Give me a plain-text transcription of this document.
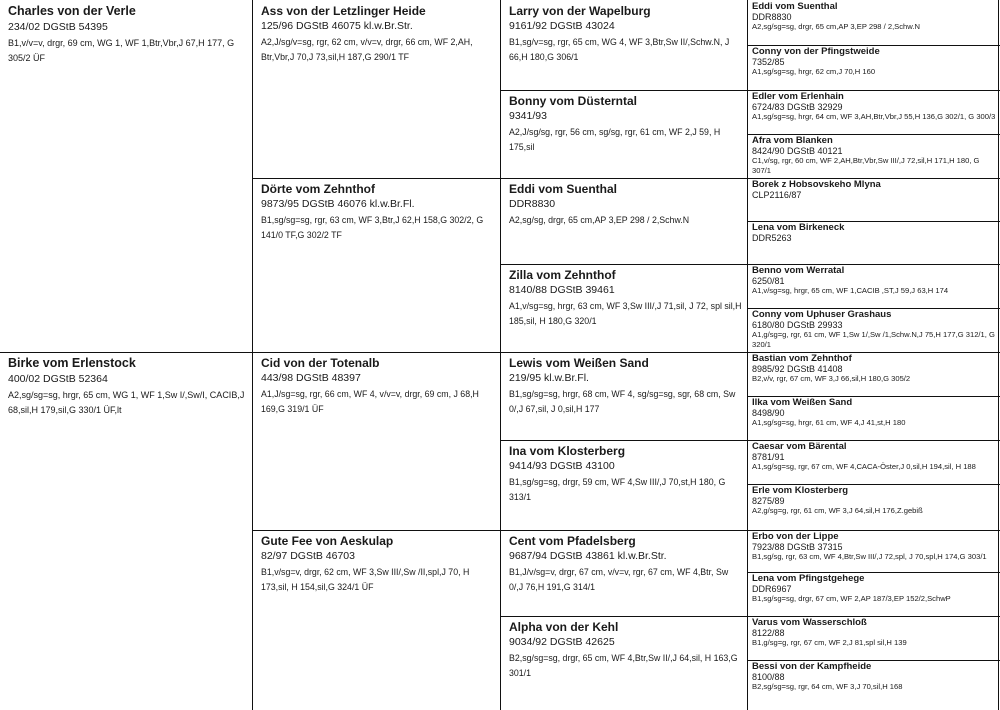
Charles von der Verle
234/02 DGStB 54395
B1,v/v=v, drgr, 69 cm, WG 1, WF 1,Btr,Vbr,J 67,H 177, G 305/2 ÜF
Birke vom Erlenstock
400/02 DGStB 52364
A2,sg/sg=sg, hrgr, 65 cm, WG 1, WF 1,Sw I/,Sw/I, CACIB,J 68,sil,H 179,sil,G 330/1 ÜF,lt
Ass von der Letzlinger Heide
125/96 DGStB 46075 kl.w.Br.Str.
A2,J/sg/v=sg, rgr, 62 cm, v/v=v, drgr, 66 cm, WF 2,AH, Btr,Vbr,J 70,J 73,sil,H 187,G 290/1 TF
Dörte vom Zehnthof
9873/95 DGStB 46076 kl.w.Br.Fl.
B1,sg/sg=sg, rgr, 63 cm, WF 3,Btr,J 62,H 158,G 302/2, G 141/0 TF,G 302/2 TF
Cid von der Totenalb
443/98 DGStB 48397
A1,J/sg=sg, rgr, 66 cm, WF 4, v/v=v, drgr, 69 cm, J 68,H 169,G 319/1 ÜF
Gute Fee von Aeskulap
82/97 DGStB 46703
B1,v/sg=v, drgr, 62 cm, WF 3,Sw III/,Sw /II,spl,J 70, H 173,sil, H 154,sil,G 324/1 ÜF
Larry von der Wapelburg
9161/92 DGStB 43024
B1,sg/v=sg, rgr, 65 cm, WG 4, WF 3,Btr,Sw II/,Schw.N, J 66,H 180,G 306/1
Bonny vom Düsterntal
9341/93
A2,J/sg/sg, rgr, 56 cm, sg/sg, rgr, 61 cm, WF 2,J 59, H 175,sil
Eddi vom Suenthal
DDR8830
A2,sg/sg, drgr, 65 cm,AP 3,EP 298 / 2,Schw.N
Zilla vom Zehnthof
8140/88 DGStB 39461
A1,v/sg=sg, hrgr, 63 cm, WF 3,Sw III/,J 71,sil, J 72, spl sil,H 185,sil, H 180,G 320/1
Lewis vom Weißen Sand
219/95 kl.w.Br.Fl.
B1,sg/sg=sg, hrgr, 68 cm, WF 4, sg/sg=sg, sgr, 68 cm, Sw 0/,J 67,sil, J 0,sil,H 177
Ina vom Klosterberg
9414/93 DGStB 43100
B1,sg/sg=sg, drgr, 59 cm, WF 4,Sw III/,J 70,st,H 180, G 313/1
Cent vom Pfadelsberg
9687/94 DGStB 43861 kl.w.Br.Str.
B1,J/v/sg=v, drgr, 67 cm, v/v=v, rgr, 67 cm, WF 4,Btr, Sw 0/,J 76,H 191,G 314/1
Alpha von der Kehl
9034/92 DGStB 42625
B2,sg/sg=sg, drgr, 65 cm, WF 4,Btr,Sw II/,J 64,sil, H 163,G 301/1
Eddi vom Suenthal
DDR8830
A2,sg/sg=sg, drgr, 65 cm,AP 3,EP 298 / 2,Schw.N
Conny von der Pfingstweide
7352/85
A1,sg/sg=sg, hrgr, 62 cm,J 70,H 160
Edler vom Erlenhain
6724/83 DGStB 32929
A1,sg/sg=sg, hrgr, 64 cm, WF 3,AH,Btr,Vbr,J 55,H 136,G 302/1, G 300/3
Afra vom Blanken
8424/90 DGStB 40121
C1,v/sg, rgr, 60 cm, WF 2,AH,Btr,Vbr,Sw III/,J 72,sil,H 171,H 180, G 307/1
Borek z Hobsovskeho Mlyna
CLP2116/87
Lena vom Birkeneck
DDR5263
Benno vom Werratal
6250/81
A1,v/sg=sg, hrgr, 65 cm, WF 1,CACIB ,ST,J 59,J 63,H 174
Conny vom Uphuser Grashaus
6180/80 DGStB 29933
A1,g/sg=g, rgr, 61 cm, WF 1,Sw 1/,Sw /1,Schw.N,J 75,H 177,G 312/1, G 320/1
Bastian vom Zehnthof
8985/92 DGStB 41408
B2,v/v, rgr, 67 cm, WF 3,J 66,sil,H 180,G 305/2
Ilka vom Weißen Sand
8498/90
A1,sg/sg=sg, hrgr, 61 cm, WF 4,J 41,st,H 180
Caesar vom Bärental
8781/91
A1,sg/sg=sg, rgr, 67 cm, WF 4,CACA-Öster,J 0,sil,H 194,sil, H 188
Erle vom Klosterberg
8275/89
A2,g/sg=g, rgr, 61 cm, WF 3,J 64,sil,H 176,Z.gebiß
Erbo von der Lippe
7923/88 DGStB 37315
B1,sg/sg, rgr, 63 cm, WF 4,Btr,Sw III/,J 72,spl, J 70,spl,H 174,G 303/1
Lena vom Pfingstgehege
DDR6967
B1,sg/sg=sg, drgr, 67 cm, WF 2,AP 187/3,EP 152/2,SchwP
Varus vom Wasserschloß
8122/88
B1,g/sg=g, rgr, 67 cm, WF 2,J 81,spl sil,H 139
Bessi von der Kampfheide
8100/88
B2,sg/sg=sg, rgr, 64 cm, WF 3,J 70,sil,H 168
